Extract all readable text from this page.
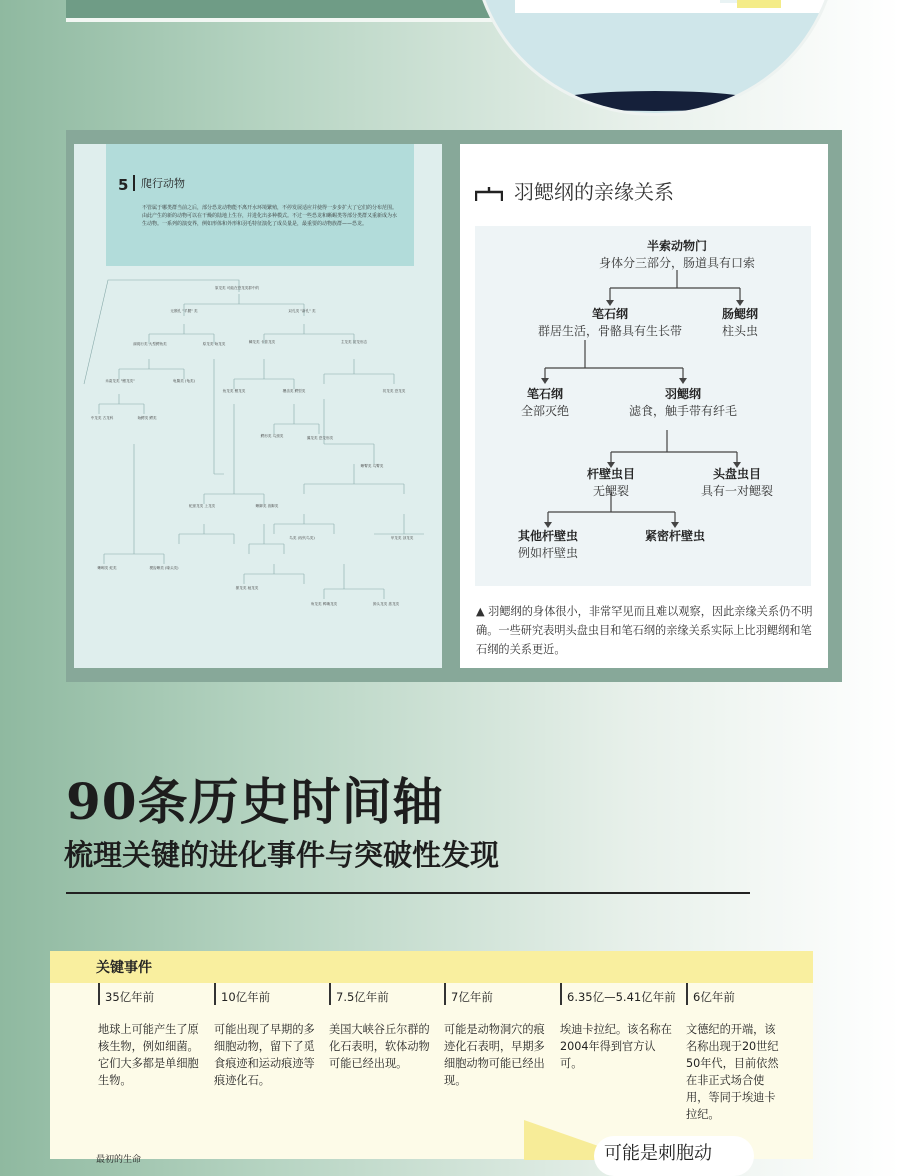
原龙类 可能在恐龙类群中的
无颞孔 "羊膜" 类	双孔类 "新孔" 类
副爬行类 大型鳄鱼类	原龙类 始龙类	鳞龙类 卡普龙类	主龙类 初龙形态
米索龙类 "鳍龙类"	龟鳖类 (龟类)
鱼龙类 鳍龙类	槽齿类 鳄型类	初龙类 恐龙类
中龙类 古龙科	始鳄类 鳄类
鳄形类 鸟颈类	翼龙类 恐龙形类
蜥臀类 鸟臀类
蛇颈龙类 上龙类	蜥脚类 兽脚类
鸟类 (现代鸟类)	甲龙类 剑龙类
蜥蜴类 蛇类	楔齿蜥类 (喙头类)
暴龙类 驰龙类
角龙类 鸭嘴龙类	肿头龙类 禽龙类
5 爬行动物
不管属于哪类群当前之后，部分恐龙动物能不离开水环境繁殖，不停发展适应并使得一步步扩大了它们的分布范围。由此产生的新的动物可以在干燥的陆地上生存，并进化出多种模式。不过一些恐龙和蜥蜴类等部分类群又重新成为水生动物。一系列的演变界，例如形体和外形和羽毛特征演化了成员量是，最重要的动物族群——恐龙。
羽鳃纲的亲缘关系
半索动物门
身体分三部分，肠道具有口索
笔石纲
群居生活，骨骼具有生长带
肠鳃纲
柱头虫
笔石纲
全部灭绝
羽鳃纲
滤食，触手带有纤毛
杆壁虫目
无鳃裂
头盘虫目
具有一对鳃裂
其他杆壁虫
例如杆壁虫
紧密杆壁虫
▲ 羽鳃纲的身体很小，非常罕见而且难以观察，因此亲缘关系仍不明确。一些研究表明头盘虫目和笔石纲的亲缘关系实际上比羽鳃纲和笔石纲的关系更近。
90条历史时间轴
梳理关键的进化事件与突破性发现
关键事件
35亿年前
地球上可能产生了原核生物，例如细菌。它们大多都是单细胞生物。
10亿年前
可能出现了早期的多细胞动物，留下了觅食痕迹和运动痕迹等痕迹化石。
7.5亿年前
美国大峡谷丘尔群的化石表明，软体动物可能已经出现。
7亿年前
可能是动物洞穴的痕迹化石表明，早期多细胞动物可能已经出现。
6.35亿—5.41亿年前
埃迪卡拉纪。该名称在2004年得到官方认可。
6亿年前
文德纪的开端，该名称出现于20世纪50年代，目前依然在非正式场合使用，等同于埃迪卡拉纪。
最初的生命	可能是刺胞动
